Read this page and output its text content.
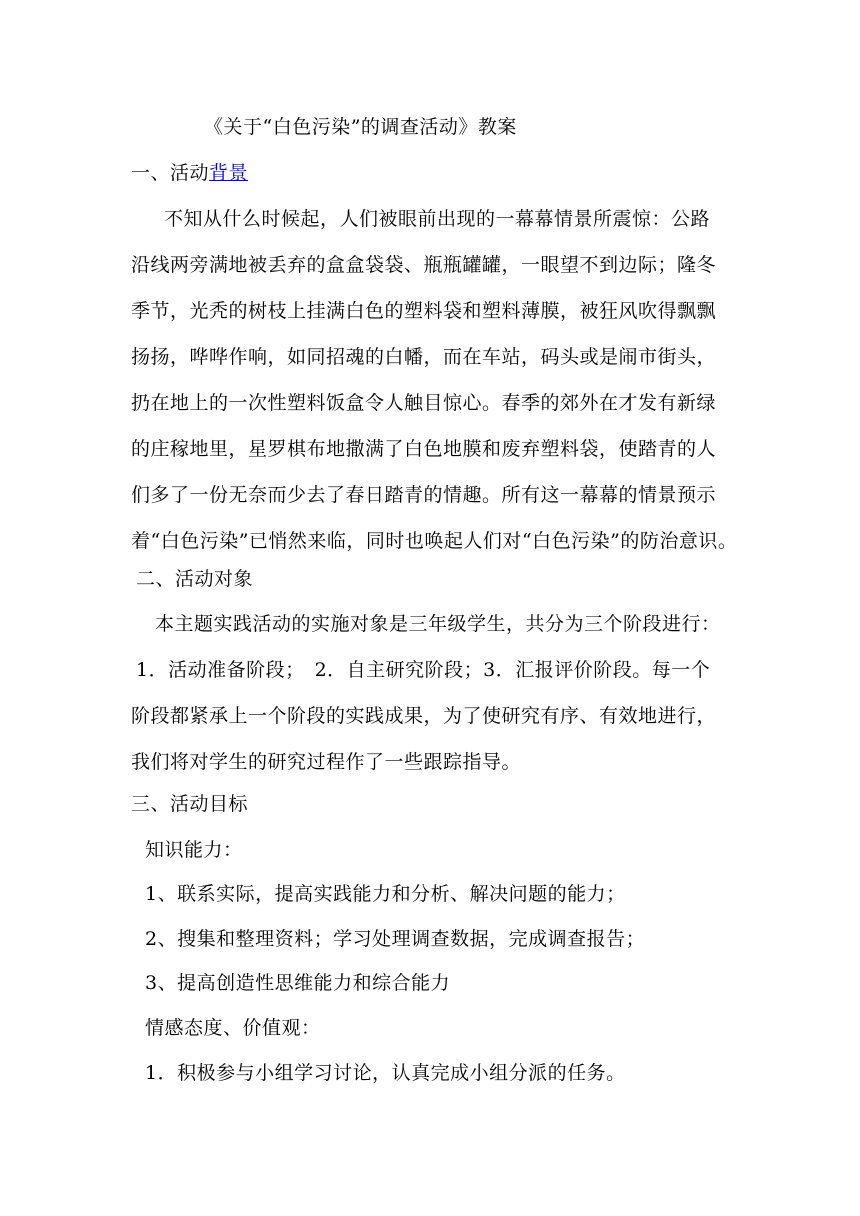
《关于“白色污染”的调查活动》教案
一、活动背景
不知从什么时候起，人们被眼前出现的一幕幕情景所震惊：公路
沿线两旁满地被丢弃的盒盒袋袋、瓶瓶罐罐，一眼望不到边际；隆冬
季节，光秃的树枝上挂满白色的塑料袋和塑料薄膜，被狂风吹得飘飘
扬扬，哗哗作响，如同招魂的白幡，而在车站，码头或是闹市街头，
扔在地上的一次性塑料饭盒令人触目惊心。春季的郊外在才发有新绿
的庄稼地里，星罗棋布地撒满了白色地膜和废弃塑料袋，使踏青的人
们多了一份无奈而少去了春日踏青的情趣。所有这一幕幕的情景预示
着“白色污染”已悄然来临，同时也唤起人们对“白色污染”的防治意识。
二、活动对象
本主题实践活动的实施对象是三年级学生，共分为三个阶段进行：
1．活动准备阶段；　2．自主研究阶段；3．汇报评价阶段。每一个
阶段都紧承上一个阶段的实践成果，为了使研究有序、有效地进行，
我们将对学生的研究过程作了一些跟踪指导。
三、活动目标
知识能力：
1、联系实际，提高实践能力和分析、解决问题的能力；
2、搜集和整理资料；学习处理调查数据，完成调查报告；
3、提高创造性思维能力和综合能力
情感态度、价值观：
1．积极参与小组学习讨论，认真完成小组分派的任务。
